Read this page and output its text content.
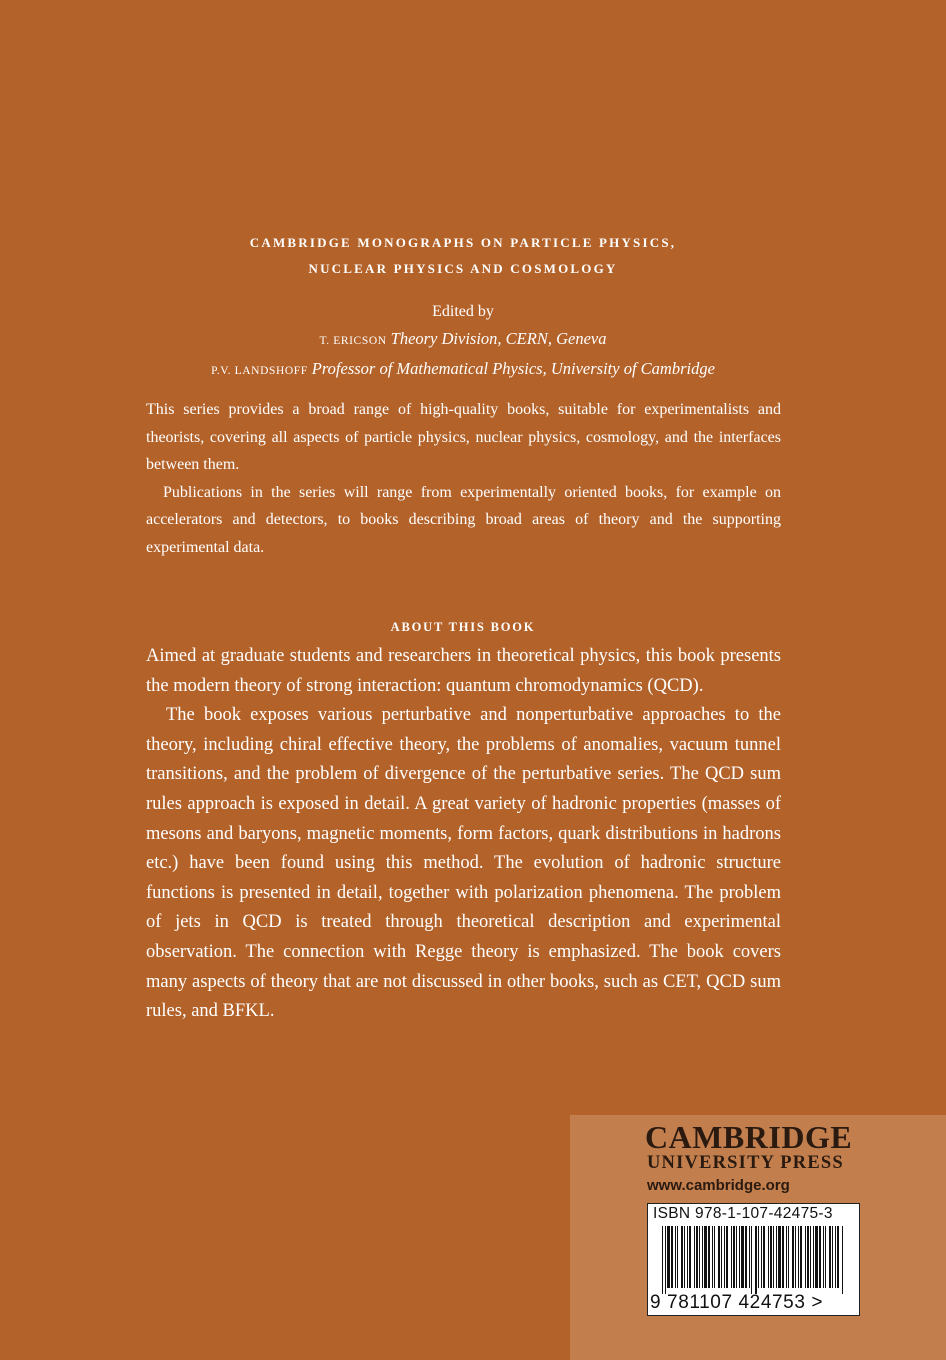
CAMBRIDGE MONOGRAPHS ON PARTICLE PHYSICS,
NUCLEAR PHYSICS AND COSMOLOGY
Edited by
T. ERICSON Theory Division, CERN, Geneva
P.V. LANDSHOFF Professor of Mathematical Physics, University of Cambridge

This series provides a broad range of high-quality books, suitable for experimentalists and theorists, covering all aspects of particle physics, nuclear physics, cosmology, and the interfaces between them.

Publications in the series will range from experimentally oriented books, for example on accelerators and detectors, to books describing broad areas of theory and the supporting experimental data.

ABOUT THIS BOOK

Aimed at graduate students and researchers in theoretical physics, this book presents the modern theory of strong interaction: quantum chromodynamics (QCD).

The book exposes various perturbative and nonperturbative approaches to the theory, including chiral effective theory, the problems of anomalies, vacuum tunnel transitions, and the problem of divergence of the perturbative series. The QCD sum rules approach is exposed in detail. A great variety of hadronic properties (masses of mesons and baryons, magnetic moments, form factors, quark distributions in hadrons etc.) have been found using this method. The evolution of hadronic structure functions is presented in detail, together with polarization phenomena. The problem of jets in QCD is treated through theoretical description and experimental observation. The connection with Regge theory is emphasized. The book covers many aspects of theory that are not discussed in other books, such as CET, QCD sum rules, and BFKL.

CAMBRIDGE
UNIVERSITY PRESS
www.cambridge.org
ISBN 978-1-107-42475-3
9 781107 424753 >
